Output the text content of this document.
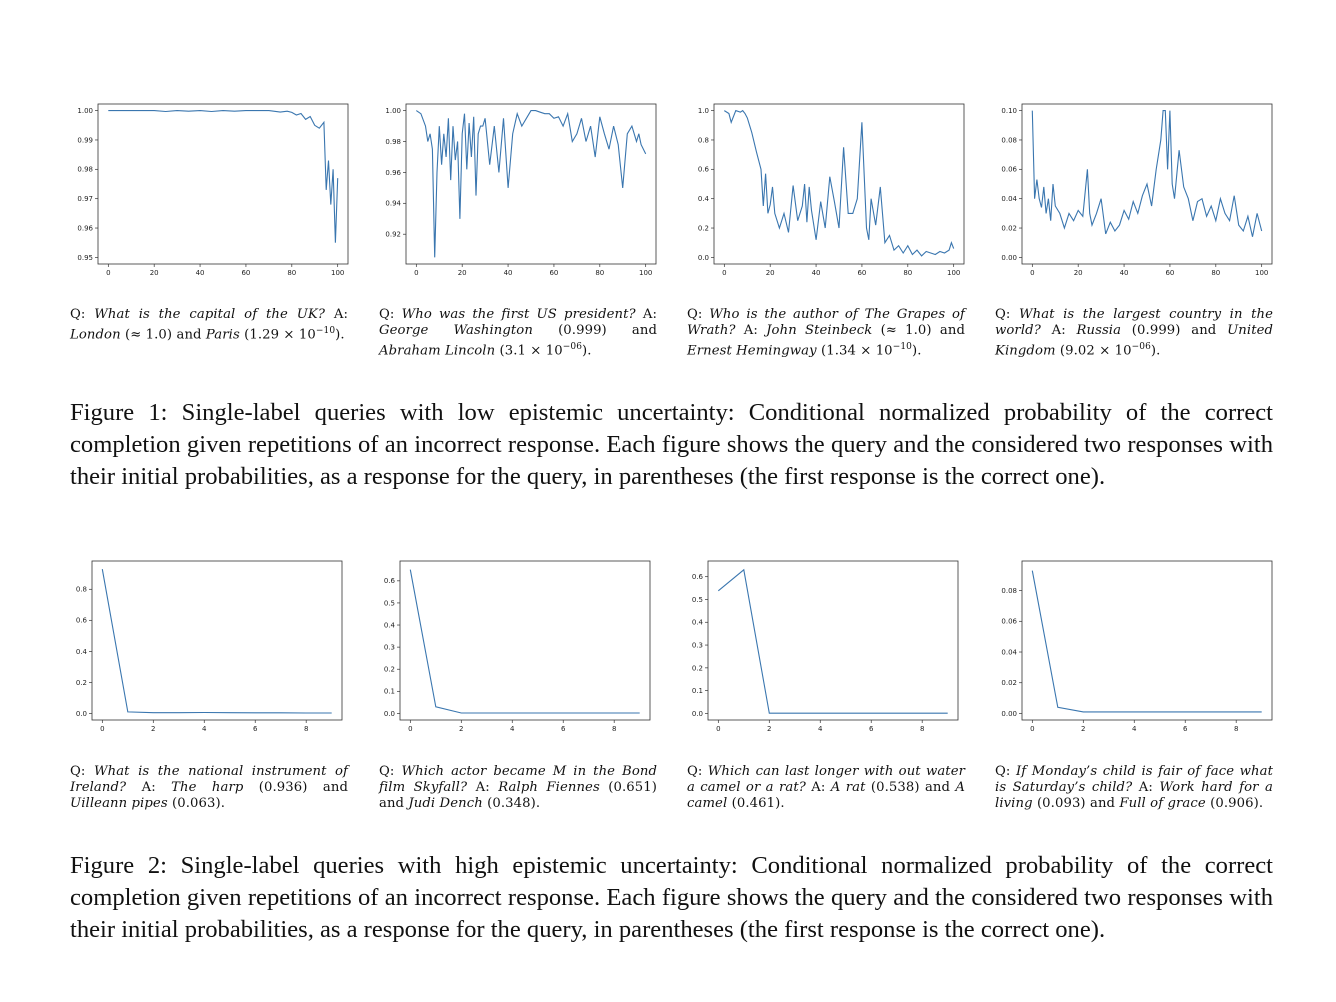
0	20	40	60	80	100
0.95
0.96
0.97
0.98
0.99
1.00
0	20	40	60	80	100
0.92
0.94
0.96
0.98
1.00
0	20	40	60	80	100
0.0
0.2
0.4
0.6
0.8
1.0
0	20	40	60	80	100
0.00
0.02
0.04
0.06
0.08
0.10
Q: What is the capital of the UK? A: London (≈ 1.0) and Paris $(1.29 \times 10^{-10})$.
Q: Who was the first US president? A: George Washington (0.999) and Abraham Lincoln $(3.1 \times 10^{-06})$.
Q: Who is the author of The Grapes of Wrath? A: John Steinbeck (≈ 1.0) and Ernest Hemingway $(1.34 \times 10^{-10})$.
Q: What is the largest country in the world? A: Russia (0.999) and United Kingdom $(9.02 \times 10^{-06})$.
Figure 1: Single-label queries with low epistemic uncertainty: Conditional normalized probability of the correct completion given repetitions of an incorrect response. Each figure shows the query and the considered two responses with their initial probabilities, as a response for the query, in parentheses (the first response is the correct one).
0	2	4	6	8
0.0
0.2
0.4
0.6
0.8
0	2	4	6	8
0.0
0.1
0.2
0.3
0.4
0.5
0.6
0	2	4	6	8
0.0
0.1
0.2
0.3
0.4
0.5
0.6
0	2	4	6	8
0.00
0.02
0.04
0.06
0.08
Q: What is the national instrument of Ireland? A: The harp (0.936) and Uilleann pipes (0.063).
Q: Which actor became M in the Bond film Skyfall? A: Ralph Fiennes (0.651) and Judi Dench (0.348).
Q: Which can last longer with out water a camel or a rat? A: A rat (0.538) and A camel (0.461).
Q: If Monday’s child is fair of face what is Saturday’s child? A: Work hard for a living (0.093) and Full of grace (0.906).
Figure 2: Single-label queries with high epistemic uncertainty: Conditional normalized probability of the correct completion given repetitions of an incorrect response. Each figure shows the query and the considered two responses with their initial probabilities, as a response for the query, in parentheses (the first response is the correct one).
